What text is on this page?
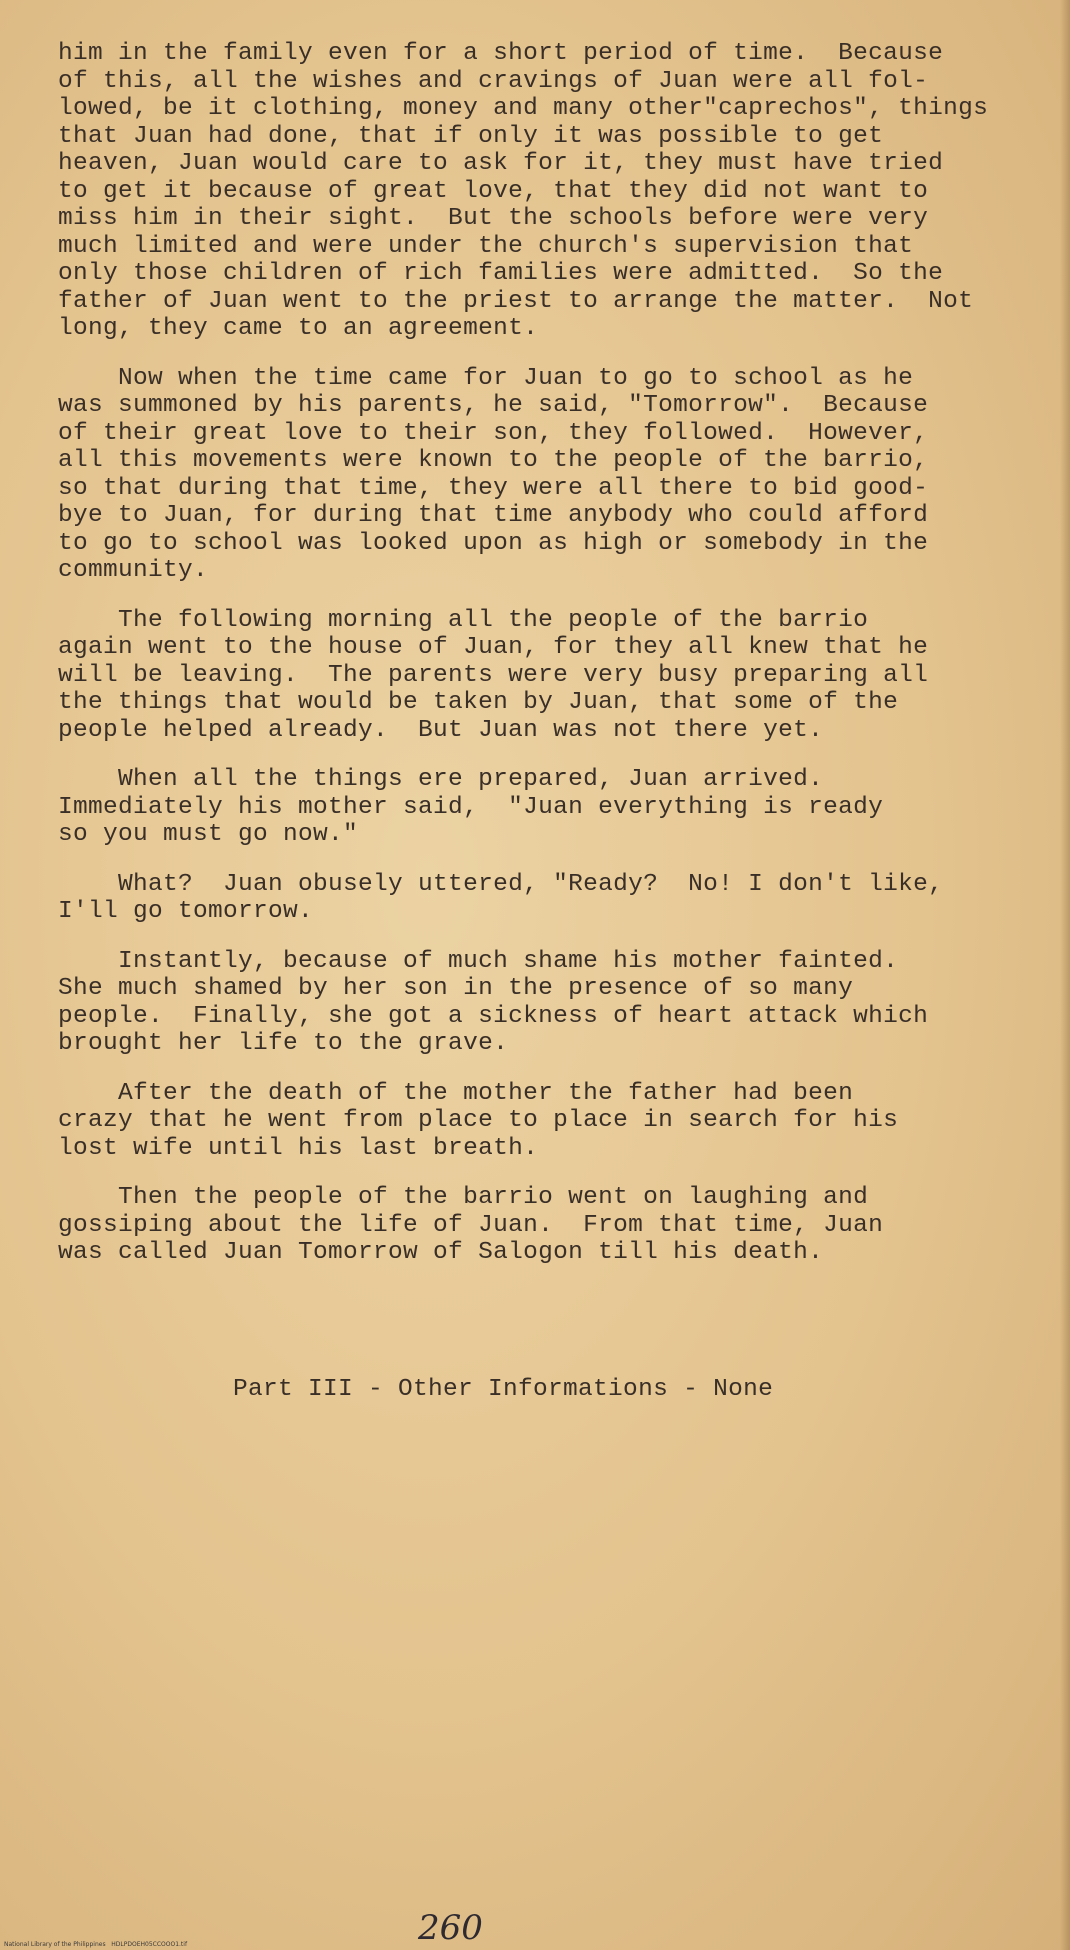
him in the family even for a short period of time.  Because
of this, all the wishes and cravings of Juan were all fol-
lowed, be it clothing, money and many other"caprechos", things
that Juan had done, that if only it was possible to get
heaven, Juan would care to ask for it, they must have tried
to get it because of great love, that they did not want to
miss him in their sight.  But the schools before were very
much limited and were under the church's supervision that
only those children of rich families were admitted.  So the
father of Juan went to the priest to arrange the matter.  Not
long, they came to an agreement.
Now when the time came for Juan to go to school as he
was summoned by his parents, he said, "Tomorrow".  Because
of their great love to their son, they followed.  However,
all this movements were known to the people of the barrio,
so that during that time, they were all there to bid good-
bye to Juan, for during that time anybody who could afford
to go to school was looked upon as high or somebody in the
community.
The following morning all the people of the barrio
again went to the house of Juan, for they all knew that he
will be leaving.  The parents were very busy preparing all
the things that would be taken by Juan, that some of the
people helped already.  But Juan was not there yet.
When all the things ere prepared, Juan arrived.
Immediately his mother said,  "Juan everything is ready
so you must go now."
What?  Juan obusely uttered, "Ready?  No! I don't like,
I'll go tomorrow.
Instantly, because of much shame his mother fainted.
She much shamed by her son in the presence of so many
people.  Finally, she got a sickness of heart attack which
brought her life to the grave.
After the death of the mother the father had been
crazy that he went from place to place in search for his
lost wife until his last breath.
Then the people of the barrio went on laughing and
gossiping about the life of Juan.  From that time, Juan
was called Juan Tomorrow of Salogon till his death.
Part III - Other Informations - None
260
National Library of the Philippines   HDLPDOEH05CCOOO1.tif
